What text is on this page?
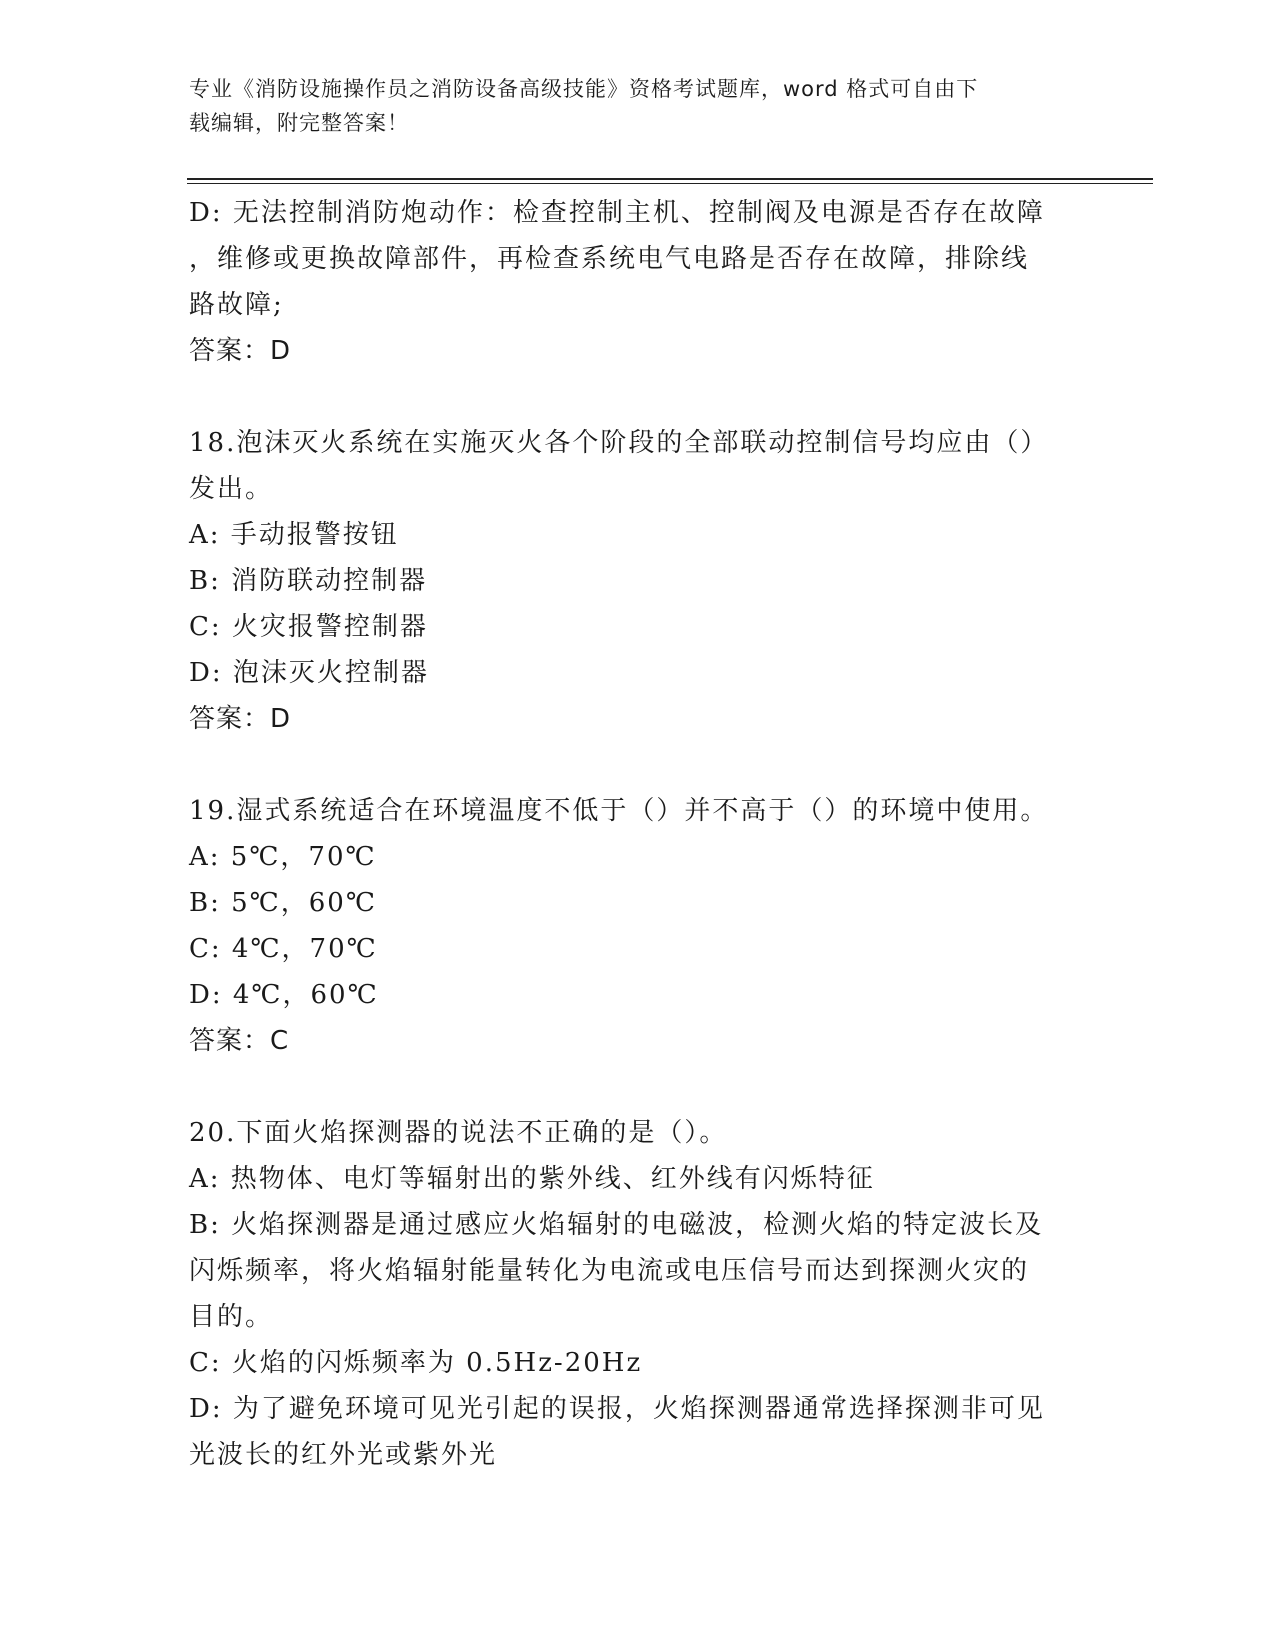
专业《消防设施操作员之消防设备高级技能》资格考试题库，word 格式可自由下
载编辑，附完整答案！
D: 无法控制消防炮动作：检查控制主机、控制阀及电源是否存在故障
，维修或更换故障部件，再检查系统电气电路是否存在故障，排除线
路故障;
答案：D
18.泡沫灭火系统在实施灭火各个阶段的全部联动控制信号均应由（）
发出。
A: 手动报警按钮
B: 消防联动控制器
C: 火灾报警控制器
D: 泡沫灭火控制器
答案：D
19.湿式系统适合在环境温度不低于（）并不高于（）的环境中使用。
A: 5℃，70℃
B: 5℃，60℃
C: 4℃，70℃
D: 4℃，60℃
答案：C
20.下面火焰探测器的说法不正确的是（）。
A: 热物体、电灯等辐射出的紫外线、红外线有闪烁特征
B: 火焰探测器是通过感应火焰辐射的电磁波，检测火焰的特定波长及
闪烁频率，将火焰辐射能量转化为电流或电压信号而达到探测火灾的
目的。
C: 火焰的闪烁频率为 0.5Hz-20Hz
D: 为了避免环境可见光引起的误报，火焰探测器通常选择探测非可见
光波长的红外光或紫外光
